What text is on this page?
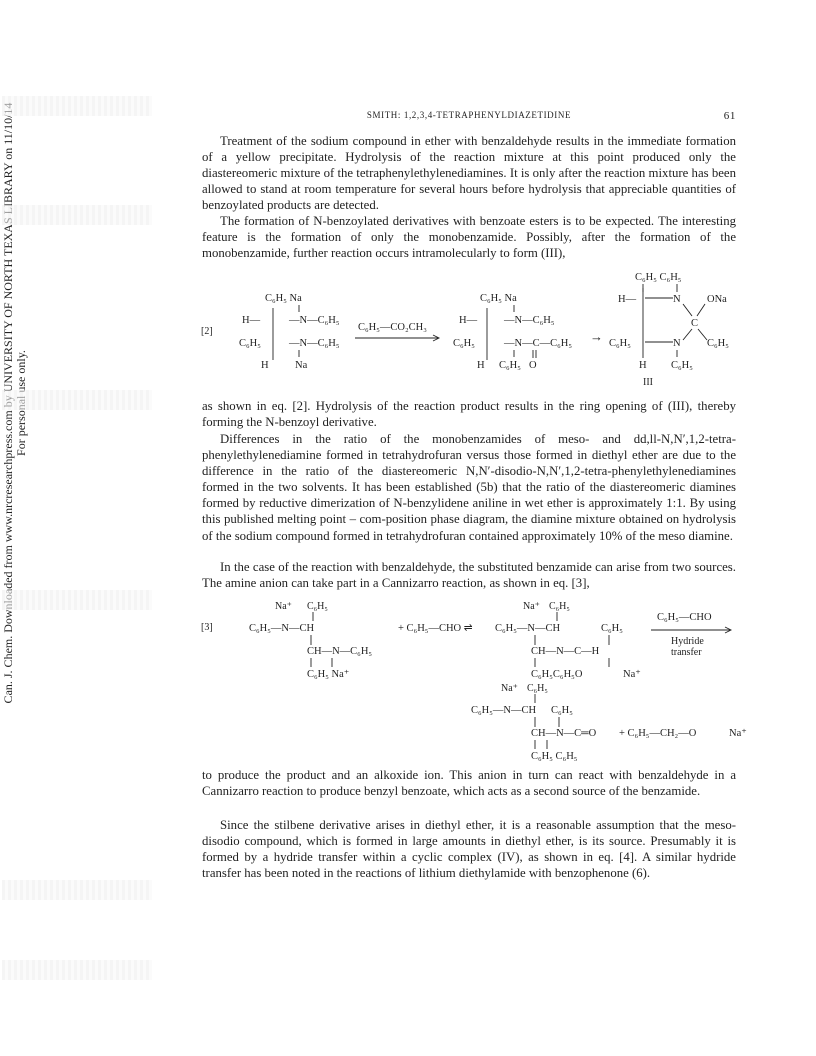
SMITH: 1,2,3,4-TETRAPHENYLDIAZETIDINE	61

Treatment of the sodium compound in ether with benzaldehyde results in the immediate formation of a yellow precipitate. Hydrolysis of the reaction mixture at this point produced only the diastereomeric mixture of the tetraphenylethylenediamines. It is only after the reaction mixture has been allowed to stand at room temperature for several hours before hydrolysis that appreciable quantities of benzoylated products are detected.

The formation of N-benzoylated derivatives with benzoate esters is to be expected. The interesting feature is the formation of only the monobenzamide. Possibly, after the formation of the monobenzamide, further reaction occurs intramolecularly to form (III),

[2]
C₆H₅ Na
H—	—N—C₆H₅
C₆H₅	—N—C₆H₅
H	Na
C₆H₅—CO₂CH₃
C₆H₅ Na
H—	—N—C₆H₅
C₆H₅	—N—C—C₆H₅
H C₆H₅ O
→
C₆H₅ C₆H₅
H—	N	ONa
C
C₆H₅	N	C₆H₅
H C₆H₅
III

as shown in eq. [2]. Hydrolysis of the reaction product results in the ring opening of (III), thereby forming the N-benzoyl derivative.

Differences in the ratio of the monobenzamides of meso- and dd,ll-N,N′,1,2-tetra-phenylethylenediamine formed in tetrahydrofuran versus those formed in diethyl ether are due to the difference in the ratio of the diastereomeric N,N′-disodio-N,N′,1,2-tetra-phenylethylenediamines formed in the two solvents. It has been established (5b) that the ratio of the diastereomeric diamines formed by reductive dimerization of N-benzylidene aniline in wet ether is approximately 1:1. By using this published melting point – com-position phase diagram, the diamine mixture obtained on hydrolysis of the sodium compound formed in tetrahydrofuran contained approximately 10% of the meso diamine.

In the case of the reaction with benzaldehyde, the substituted benzamide can arise from two sources. The amine anion can take part in a Cannizarro reaction, as shown in eq. [3],

[3]
Na⁺ C₆H₅
C₆H₅—N—CH
CH—N—C₆H₅
C₆H₅ Na⁺
+ C₆H₅—CHO ⇌
Na⁺ C₆H₅
C₆H₅—N—CH	C₆H₅
CH—N—C—H
C₆H₅C₆H₅O	Na⁺
C₆H₅—CHO
Hydride
transfer
Na⁺ C₆H₅
C₆H₅—N—CH C₆H₅
CH—N—C═O + C₆H₅—CH₂—O	Na⁺
C₆H₅ C₆H₅

to produce the product and an alkoxide ion. This anion in turn can react with benzaldehyde in a Cannizarro reaction to produce benzyl benzoate, which acts as a second source of the benzamide.

Since the stilbene derivative arises in diethyl ether, it is a reasonable assumption that the meso-disodio compound, which is formed in large amounts in diethyl ether, is its source. Presumably it is formed by a hydride transfer within a cyclic complex (IV), as shown in eq. [4]. A similar hydride transfer has been noted in the reactions of lithium diethylamide with benzophenone (6).
